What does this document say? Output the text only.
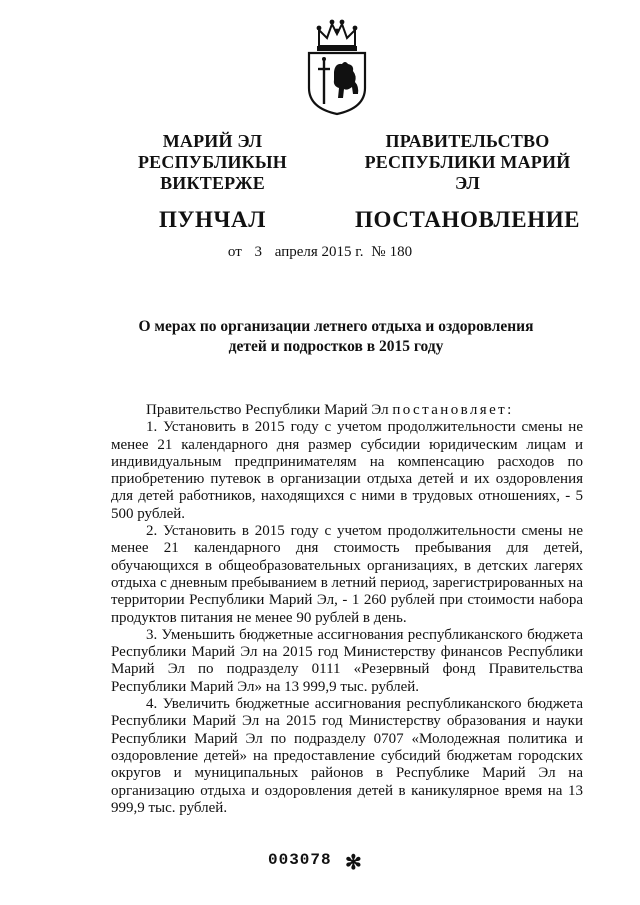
МАРИЙ ЭЛ РЕСПУБЛИКЫН
ВИКТЕРЖЕ
ПУНЧАЛ
ПРАВИТЕЛЬСТВО
РЕСПУБЛИКИ МАРИЙ ЭЛ
ПОСТАНОВЛЕНИЕ
от 3 апреля 2015 г. № 180
О мерах по организации летнего отдыха и оздоровления
детей и подростков в 2015 году

Правительство Республики Марий Эл постановляет:

1. Установить в 2015 году с учетом продолжительности смены не менее 21 календарного дня размер субсидии юридическим лицам и индивидуальным предпринимателям на компенсацию расходов по приобретению путевок в организации отдыха детей и их оздоровления для детей работников, находящихся с ними в трудовых отношениях, - 5 500 рублей.

2. Установить в 2015 году с учетом продолжительности смены не менее 21 календарного дня стоимость пребывания для детей, обучающихся в общеобразовательных организациях, в детских лагерях отдыха с дневным пребыванием в летний период, зарегистрированных на территории Республики Марий Эл, - 1 260 рублей при стоимости набора продуктов питания не менее 90 рублей в день.

3. Уменьшить бюджетные ассигнования республиканского бюджета Республики Марий Эл на 2015 год Министерству финансов Республики Марий Эл по подразделу 0111 «Резервный фонд Правительства Республики Марий Эл» на 13 999,9 тыс. рублей.

4. Увеличить бюджетные ассигнования республиканского бюджета Республики Марий Эл на 2015 год Министерству образования и науки Республики Марий Эл по подразделу 0707 «Молодежная политика и оздоровление детей» на предоставление субсидий бюджетам городских округов и муниципальных районов в Республике Марий Эл на организацию отдыха и оздоровления детей в каникулярное время на 13 999,9 тыс. рублей.

003078 ✻
